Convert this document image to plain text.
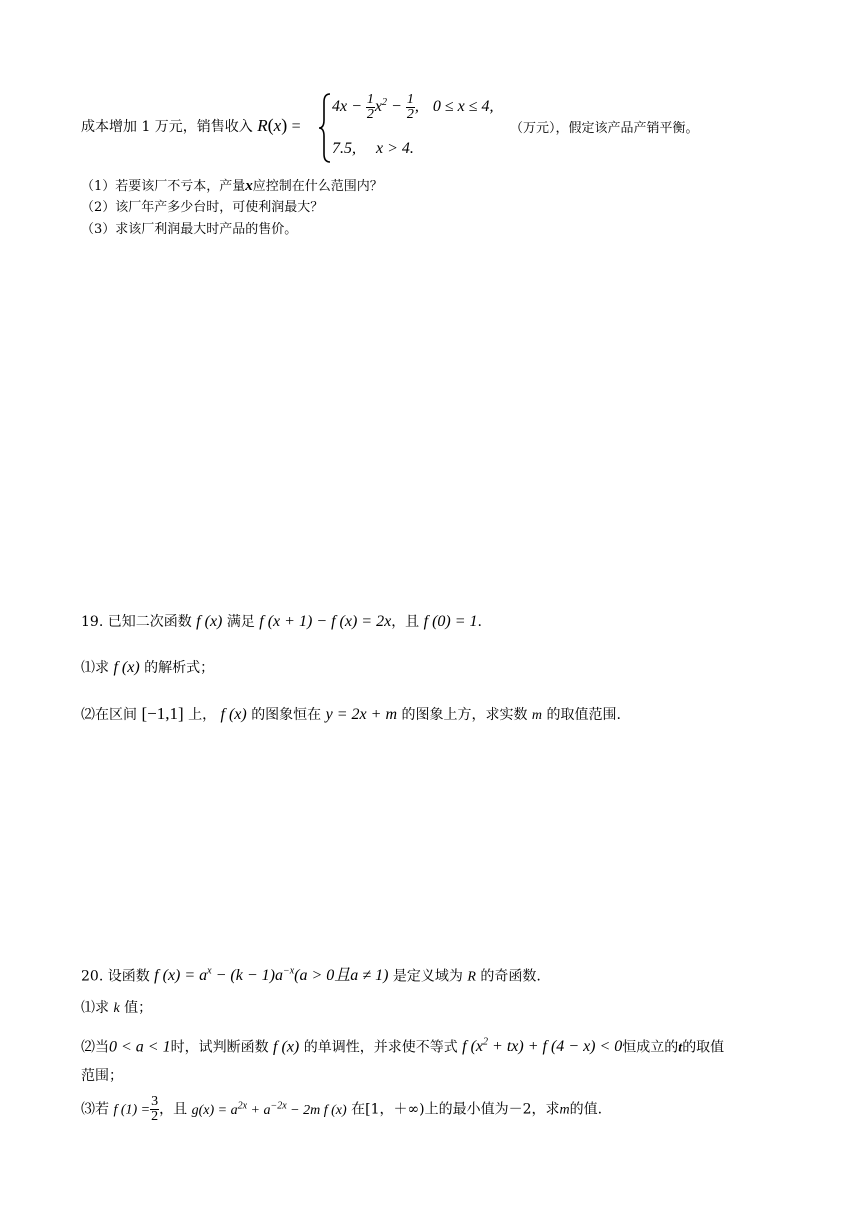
成本增加 1 万元，销售收入 R(x) =
$4x - \frac{1}{2} x^2 - \frac{1}{2}$ , 0 ≤ x ≤ 4,
7.5, x > 4.
（万元），假定该产品产销平衡。
（1）若要该厂不亏本，产量x应控制在什么范围内？
（2）该厂年产多少台时，可使利润最大？
（3）求该厂利润最大时产品的售价。
19. 已知二次函数 f (x) 满足 f (x + 1) − f (x) = 2x，且 f (0) = 1.
⑴求 f (x) 的解析式；
⑵在区间 [−1,1] 上， f (x) 的图象恒在 y = 2x + m 的图象上方，求实数 m 的取值范围.
20. 设函数 f $(x) = a^x - (k - 1)a^{-x}(a > 0$且a ≠ 1) 是定义域为 R 的奇函数.
⑴求 k 值；
⑵当0 < a < 1时，试判断函数 f (x) 的单调性，并求使不等式 f $(x^2 + tx) + f$ (4 − x) < 0恒成立的t的取值
范围；
⑶若 f $(1) = \frac{3}{2}$ ，且 $g(x) = a^{2x} + a^{-2x} - 2m$ f (x) 在[1，＋∞)上的最小值为－2，求m的值.
